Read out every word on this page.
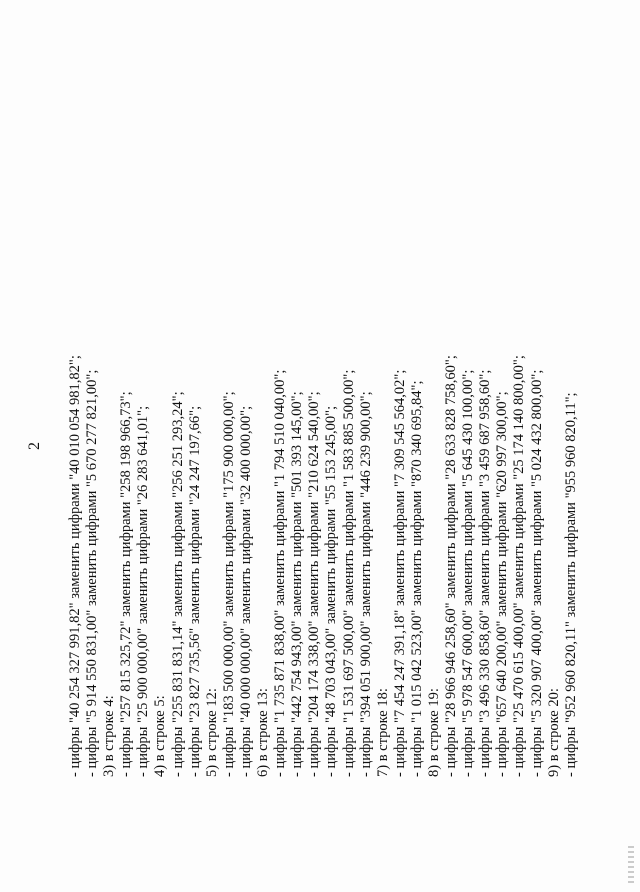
2 - цифры "40 254 327 991,82" заменить цифрами "40 010 054 981,82"; - цифры "5 914 550 831,00" заменить цифрами "5 670 277 821,00"; 3) в строке 4: - цифры "257 815 325,72" заменить цифрами "258 198 966,73"; - цифры "25 900 000,00" заменить цифрами "26 283 641,01"; 4) в строке 5: - цифры "255 831 831,14" заменить цифрами "256 251 293,24"; - цифры "23 827 735,56" заменить цифрами "24 247 197,66"; 5) в строке 12: - цифры "183 500 000,00" заменить цифрами "175 900 000,00"; - цифры "40 000 000,00" заменить цифрами "32 400 000,00"; 6) в строке 13: - цифры "1 735 871 838,00" заменить цифрами "1 794 510 040,00"; - цифры "442 754 943,00" заменить цифрами "501 393 145,00"; - цифры "204 174 338,00" заменить цифрами "210 624 540,00"; - цифры "48 703 043,00" заменить цифрами "55 153 245,00"; - цифры "1 531 697 500,00" заменить цифрами "1 583 885 500,00"; - цифры "394 051 900,00" заменить цифрами "446 239 900,00"; 7) в строке 18: - цифры "7 454 247 391,18" заменить цифрами "7 309 545 564,02"; - цифры "1 015 042 523,00" заменить цифрами "870 340 695,84"; 8) в строке 19: - цифры "28 966 946 258,60" заменить цифрами "28 633 828 758,60"; - цифры "5 978 547 600,00" заменить цифрами "5 645 430 100,00"; - цифры "3 496 330 858,60" заменить цифрами "3 459 687 958,60"; - цифры "657 640 200,00" заменить цифрами "620 997 300,00"; - цифры "25 470 615 400,00" заменить цифрами "25 174 140 800,00"; - цифры "5 320 907 400,00" заменить цифрами "5 024 432 800,00"; 9) в строке 20: - цифры "952 960 820,11" заменить цифрами "955 960 820,11";
